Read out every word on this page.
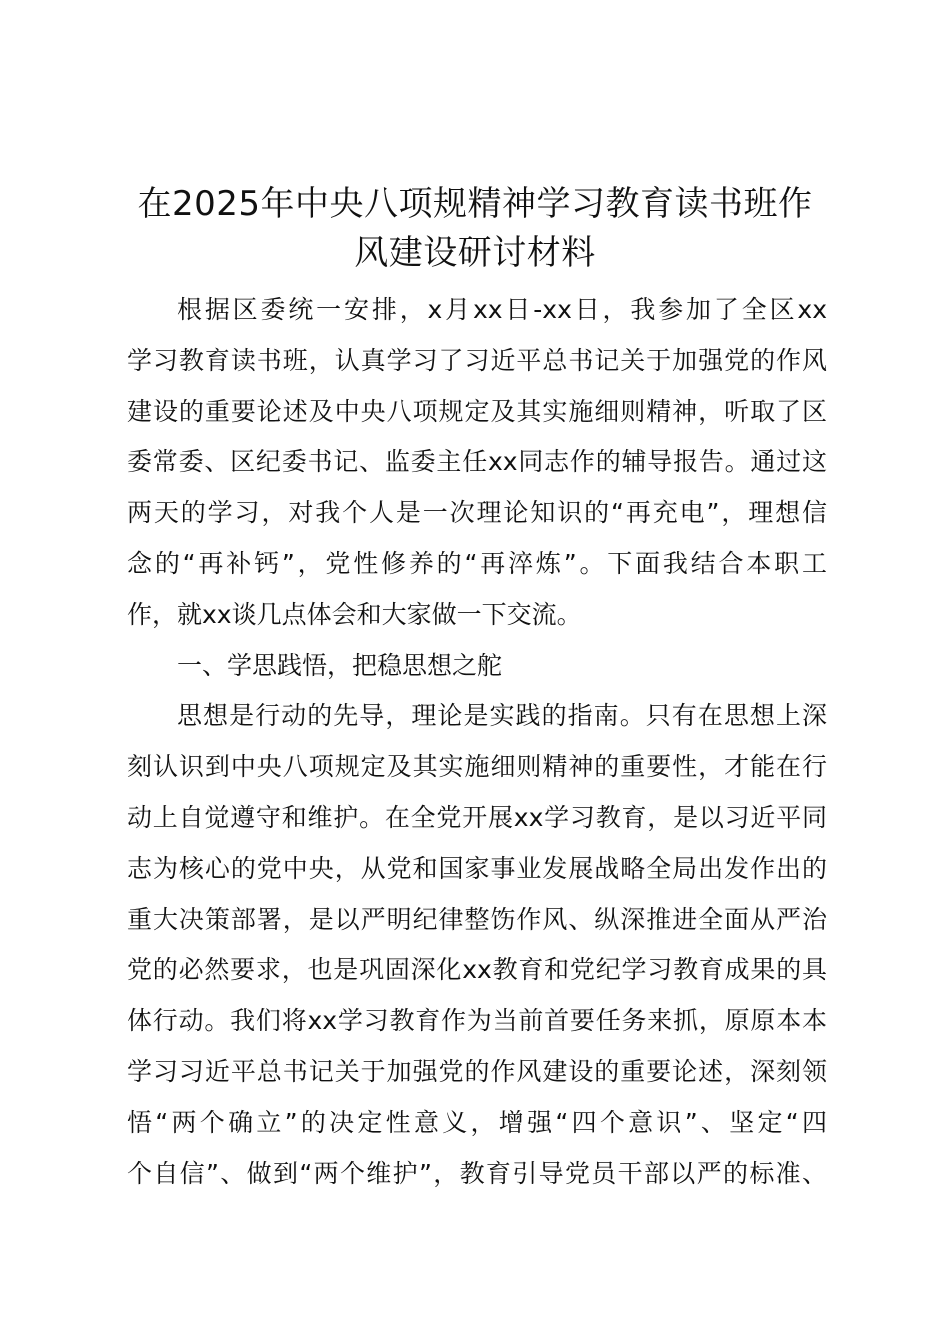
在2025年中央八项规精神学习教育读书班作
风建设研讨材料
根据区委统一安排，x月xx日-xx日，我参加了全区xx
学习教育读书班，认真学习了习近平总书记关于加强党的作风
建设的重要论述及中央八项规定及其实施细则精神，听取了区
委常委、区纪委书记、监委主任xx同志作的辅导报告。通过这
两天的学习，对我个人是一次理论知识的“再充电”，理想信
念的“再补钙”，党性修养的“再淬炼”。下面我结合本职工
作，就xx谈几点体会和大家做一下交流。
一、学思践悟，把稳思想之舵
思想是行动的先导，理论是实践的指南。只有在思想上深
刻认识到中央八项规定及其实施细则精神的重要性，才能在行
动上自觉遵守和维护。在全党开展xx学习教育，是以习近平同
志为核心的党中央，从党和国家事业发展战略全局出发作出的
重大决策部署，是以严明纪律整饬作风、纵深推进全面从严治
党的必然要求，也是巩固深化xx教育和党纪学习教育成果的具
体行动。我们将xx学习教育作为当前首要任务来抓，原原本本
学习习近平总书记关于加强党的作风建设的重要论述，深刻领
悟“两个确立”的决定性意义，增强“四个意识”、坚定“四
个自信”、做到“两个维护”，教育引导党员干部以严的标准、
